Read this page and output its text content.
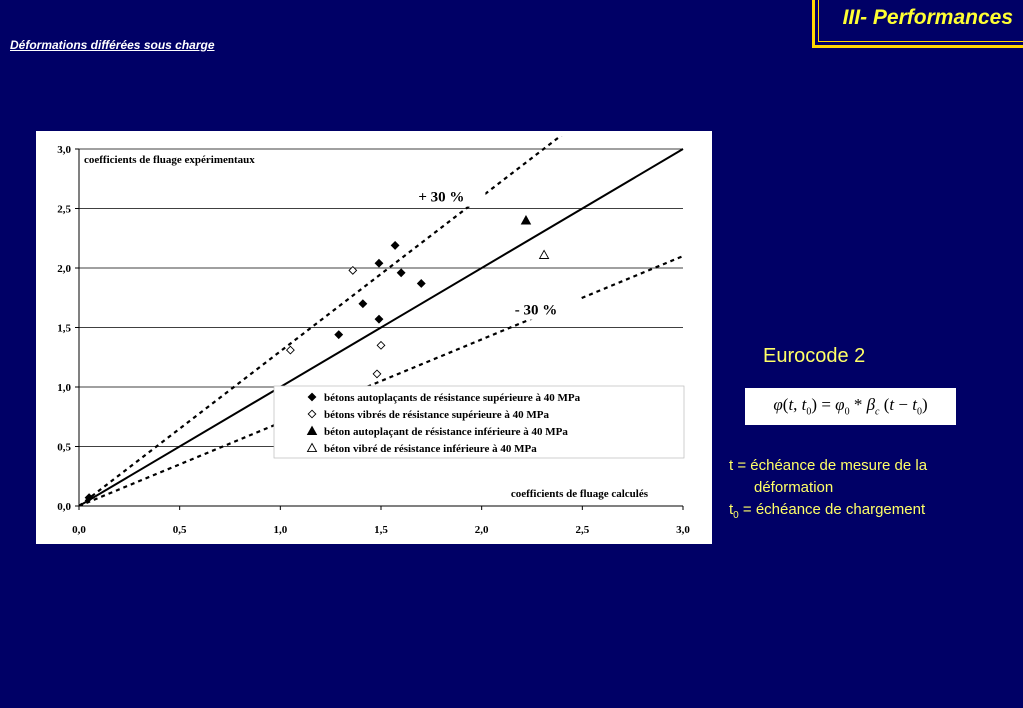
III- Performances
Déformations différées sous charge
0,0
0,5
1,0
1,5
2,0
2,5
3,0
0,0	0,5	1,0	1,5	2,0	2,5	3,0
coefficients de fluage expérimentaux
coefficients de fluage calculés
+ 30 %
- 30 %
bétons autoplaçants de résistance supérieure à 40 MPa
bétons vibrés de résistance supérieure à 40 MPa
béton autoplaçant de résistance inférieure à 40 MPa
béton vibré de résistance inférieure à 40 MPa
Eurocode 2
φ(t, $t_0) = \varphi_0 * \beta_c$ $(t - t_0)$
t = échéance de mesure de la
déformation
$t_0$ = échéance de chargement
